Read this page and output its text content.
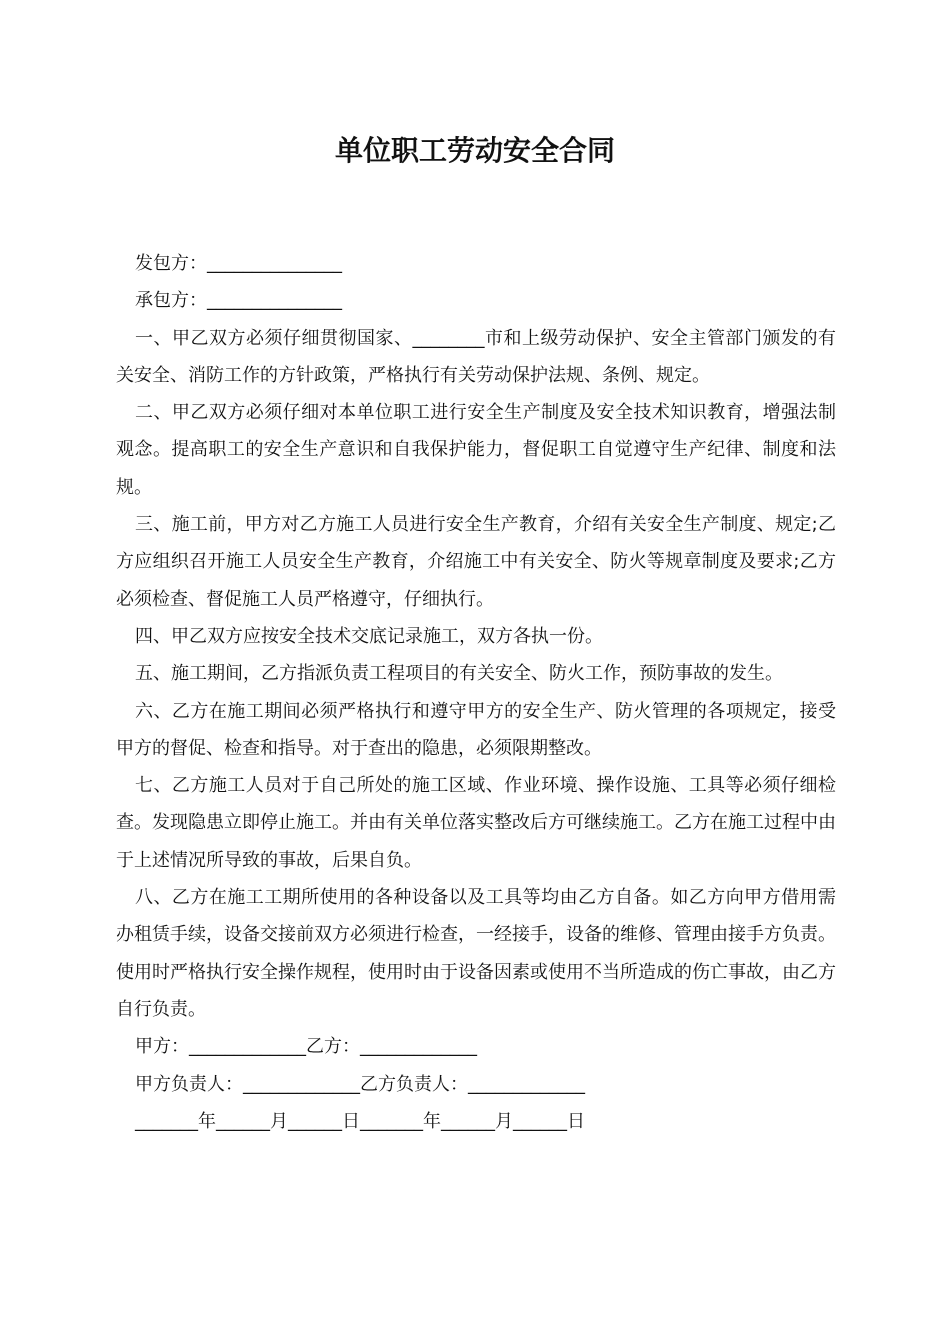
单位职工劳动安全合同
发包方：_______________
承包方：_______________

一、甲乙双方必须仔细贯彻国家、________市和上级劳动保护、安全主管部门颁发的有关安全、消防工作的方针政策，严格执行有关劳动保护法规、条例、规定。

二、甲乙双方必须仔细对本单位职工进行安全生产制度及安全技术知识教育，增强法制观念。提高职工的安全生产意识和自我保护能力，督促职工自觉遵守生产纪律、制度和法规。

三、施工前，甲方对乙方施工人员进行安全生产教育，介绍有关安全生产制度、规定;乙方应组织召开施工人员安全生产教育，介绍施工中有关安全、防火等规章制度及要求;乙方必须检查、督促施工人员严格遵守，仔细执行。

四、甲乙双方应按安全技术交底记录施工，双方各执一份。

五、施工期间，乙方指派负责工程项目的有关安全、防火工作，预防事故的发生。

六、乙方在施工期间必须严格执行和遵守甲方的安全生产、防火管理的各项规定，接受甲方的督促、检查和指导。对于查出的隐患，必须限期整改。

七、乙方施工人员对于自己所处的施工区域、作业环境、操作设施、工具等必须仔细检查。发现隐患立即停止施工。并由有关单位落实整改后方可继续施工。乙方在施工过程中由于上述情况所导致的事故，后果自负。

八、乙方在施工工期所使用的各种设备以及工具等均由乙方自备。如乙方向甲方借用需办租赁手续，设备交接前双方必须进行检查，一经接手，设备的维修、管理由接手方负责。使用时严格执行安全操作规程，使用时由于设备因素或使用不当所造成的伤亡事故，由乙方自行负责。

甲方：_____________乙方：_____________
甲方负责人：_____________乙方负责人：_____________
_______年______月______日_______年______月______日
